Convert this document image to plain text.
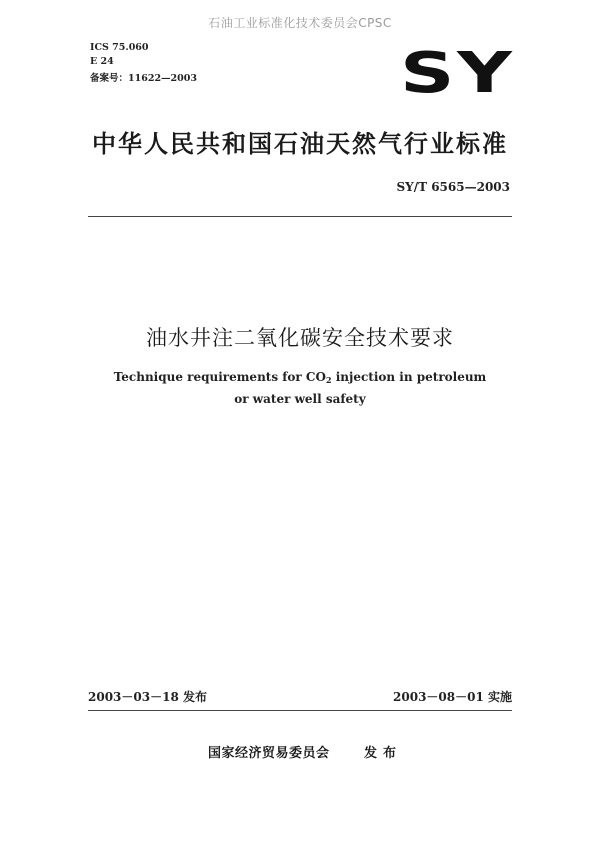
石油工业标准化技术委员会CPSC
ICS 75.060
E 24
备案号：11622—2003	SY
中华人民共和国石油天然气行业标准
SY/T 6565—2003
油水井注二氧化碳安全技术要求
Technique requirements for $CO_2$ injection in petroleum
or water well safety
2003－03－18 发布	2003－08－01 实施
国家经济贸易委员会	发布
